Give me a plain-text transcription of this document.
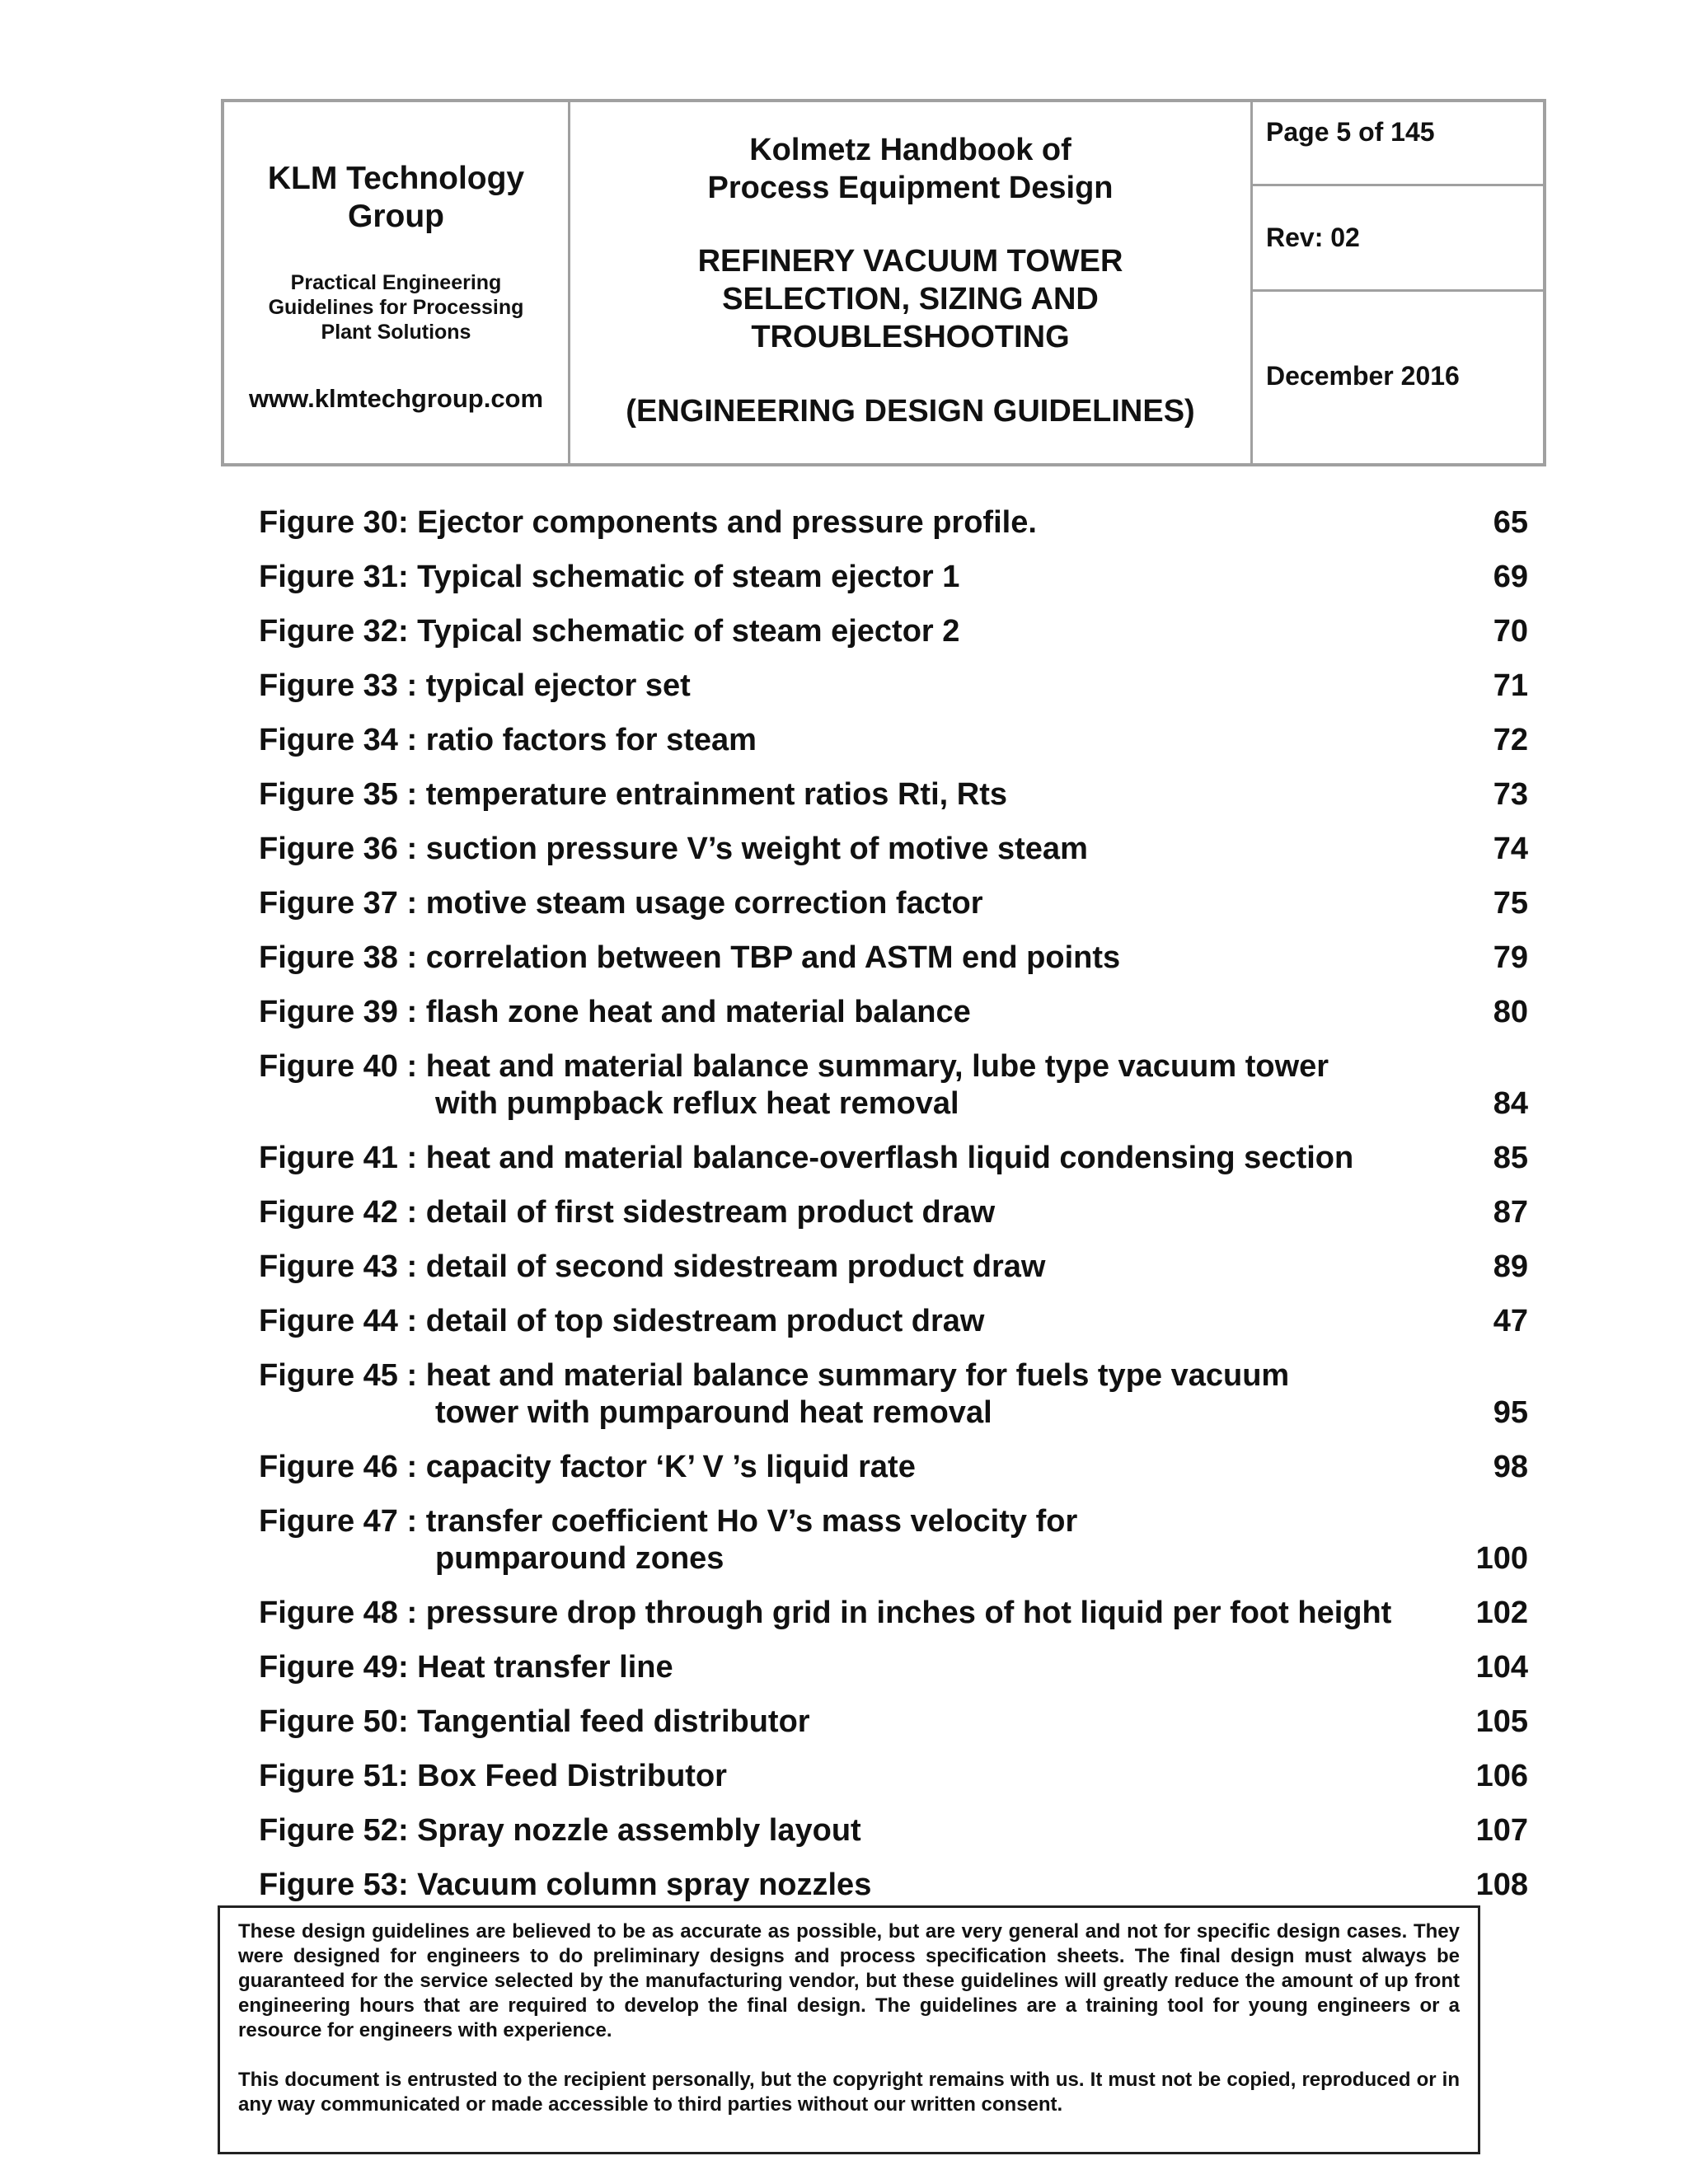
KLM Technology
Group
Practical Engineering
Guidelines for Processing
Plant Solutions
www.klmtechgroup.com
Kolmetz Handbook of
Process Equipment Design
REFINERY VACUUM TOWER
SELECTION, SIZING AND
TROUBLESHOOTING
(ENGINEERING DESIGN GUIDELINES)
Page 5 of 145
Rev: 02
December 2016
Figure 30: Ejector components and pressure profile.	65
Figure 31: Typical schematic of steam ejector 1	69
Figure 32: Typical schematic of steam ejector 2	70
Figure 33 : typical ejector set	71
Figure 34 : ratio factors for steam	72
Figure 35 : temperature entrainment ratios Rti, Rts	73
Figure 36 : suction pressure V’s weight of motive steam	74
Figure 37 : motive steam usage correction factor	75
Figure 38 : correlation between TBP and ASTM end points	79
Figure 39 : flash zone heat and material balance	80
Figure 40 : heat and material balance summary, lube type vacuum tower
with pumpback reflux heat removal	84
Figure 41 : heat and material balance-overflash liquid condensing section	85
Figure 42 : detail of first sidestream product draw	87
Figure 43 : detail of second sidestream product draw	89
Figure 44 : detail of top sidestream product draw	47
Figure 45 : heat and material balance summary for fuels type vacuum
tower with pumparound heat removal	95
Figure 46 : capacity factor ‘K’ V ’s liquid rate	98
Figure 47 : transfer coefficient Ho V’s mass velocity for
pumparound zones	100
Figure 48 : pressure drop through grid in inches of hot liquid per foot height	102
Figure 49: Heat transfer line	104
Figure 50: Tangential feed distributor	105
Figure 51: Box Feed Distributor	106
Figure 52: Spray nozzle assembly layout	107
Figure 53: Vacuum column spray nozzles	108

These design guidelines are believed to be as accurate as possible, but are very general and not for specific design cases. They were designed for engineers to do preliminary designs and process specification sheets. The final design must always be guaranteed for the service selected by the manufacturing vendor, but these guidelines will greatly reduce the amount of up front engineering hours that are required to develop the final design. The guidelines are a training tool for young engineers or a resource for engineers with experience.

This document is entrusted to the recipient personally, but the copyright remains with us. It must not be copied, reproduced or in any way communicated or made accessible to third parties without our written consent.
